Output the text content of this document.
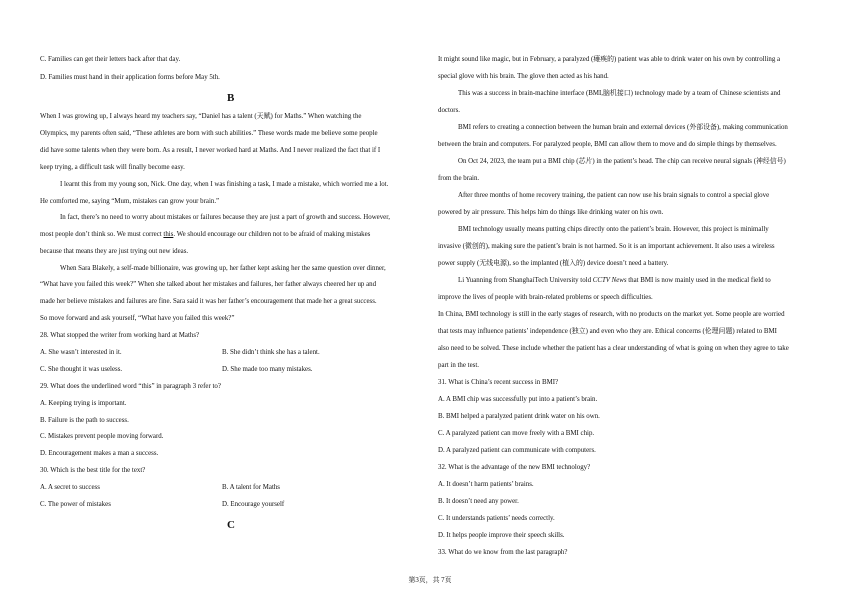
C. Families can get their letters back after that day.
D. Families must hand in their application forms before May 5th.
B
When I was growing up, I always heard my teachers say, “Daniel has a talent (天赋) for Maths.” When watching the
Olympics, my parents often said, “These athletes are born with such abilities.” These words made me believe some people
did have some talents when they were born. As a result, I never worked hard at Maths. And I never realized the fact that if I
keep trying, a difficult task will finally become easy.
I learnt this from my young son, Nick. One day, when I was finishing a task, I made a mistake, which worried me a lot.
He comforted me, saying “Mum, mistakes can grow your brain.”
In fact, there’s no need to worry about mistakes or failures because they are just a part of growth and success. However,
most people don’t think so. We must correct this. We should encourage our children not to be afraid of making mistakes
because that means they are just trying out new ideas.
When Sara Blakely, a self-made billionaire, was growing up, her father kept asking her the same question over dinner,
“What have you failed this week?” When she talked about her mistakes and failures, her father always cheered her up and
made her believe mistakes and failures are fine. Sara said it was her father’s encouragement that made her a great success.
So move forward and ask yourself, “What have you failed this week?”
28. What stopped the writer from working hard at Maths?
A. She wasn’t interested in it.	B. She didn’t think she has a talent.
C. She thought it was useless.	D. She made too many mistakes.
29. What does the underlined word “this” in paragraph 3 refer to?
A. Keeping trying is important.
B. Failure is the path to success.
C. Mistakes prevent people moving forward.
D. Encouragement makes a man a success.
30. Which is the best title for the text?
A. A secret to success	B. A talent for Maths
C. The power of mistakes	D. Encourage yourself
C
It might sound like magic, but in February, a paralyzed (瘫痪的) patient was able to drink water on his own by controlling a
special glove with his brain. The glove then acted as his hand.
This was a success in brain-machine interface (BMI,脑机接口) technology made by a team of Chinese scientists and
doctors.
BMI refers to creating a connection between the human brain and external devices (外部设备), making communication
between the brain and computers. For paralyzed people, BMI can allow them to move and do simple things by themselves.
On Oct 24, 2023, the team put a BMI chip (芯片) in the patient’s head. The chip can receive neural signals (神经信号)
from the brain.
After three months of home recovery training, the patient can now use his brain signals to control a special glove
powered by air pressure. This helps him do things like drinking water on his own.
BMI technology usually means putting chips directly onto the patient’s brain. However, this project is minimally
invasive (微创的), making sure the patient’s brain is not harmed. So it is an important achievement. It also uses a wireless
power supply (无线电源), so the implanted (植入的) device doesn’t need a battery.
Li Yuanning from ShanghaiTech University told CCTV News that BMI is now mainly used in the medical field to
improve the lives of people with brain-related problems or speech difficulties.
In China, BMI technology is still in the early stages of research, with no products on the market yet. Some people are worried
that tests may influence patients’ independence (独立) and even who they are. Ethical concerns (伦理问题) related to BMI
also need to be solved. These include whether the patient has a clear understanding of what is going on when they agree to take
part in the test.
31. What is China’s recent success in BMI?
A. A BMI chip was successfully put into a patient’s brain.
B. BMI helped a paralyzed patient drink water on his own.
C. A paralyzed patient can move freely with a BMI chip.
D. A paralyzed patient can communicate with computers.
32. What is the advantage of the new BMI technology?
A. It doesn’t harm patients’ brains.
B. It doesn’t need any power.
C. It understands patients’ needs correctly.
D. It helps people improve their speech skills.
33. What do we know from the last paragraph?
第3页，共 7页
